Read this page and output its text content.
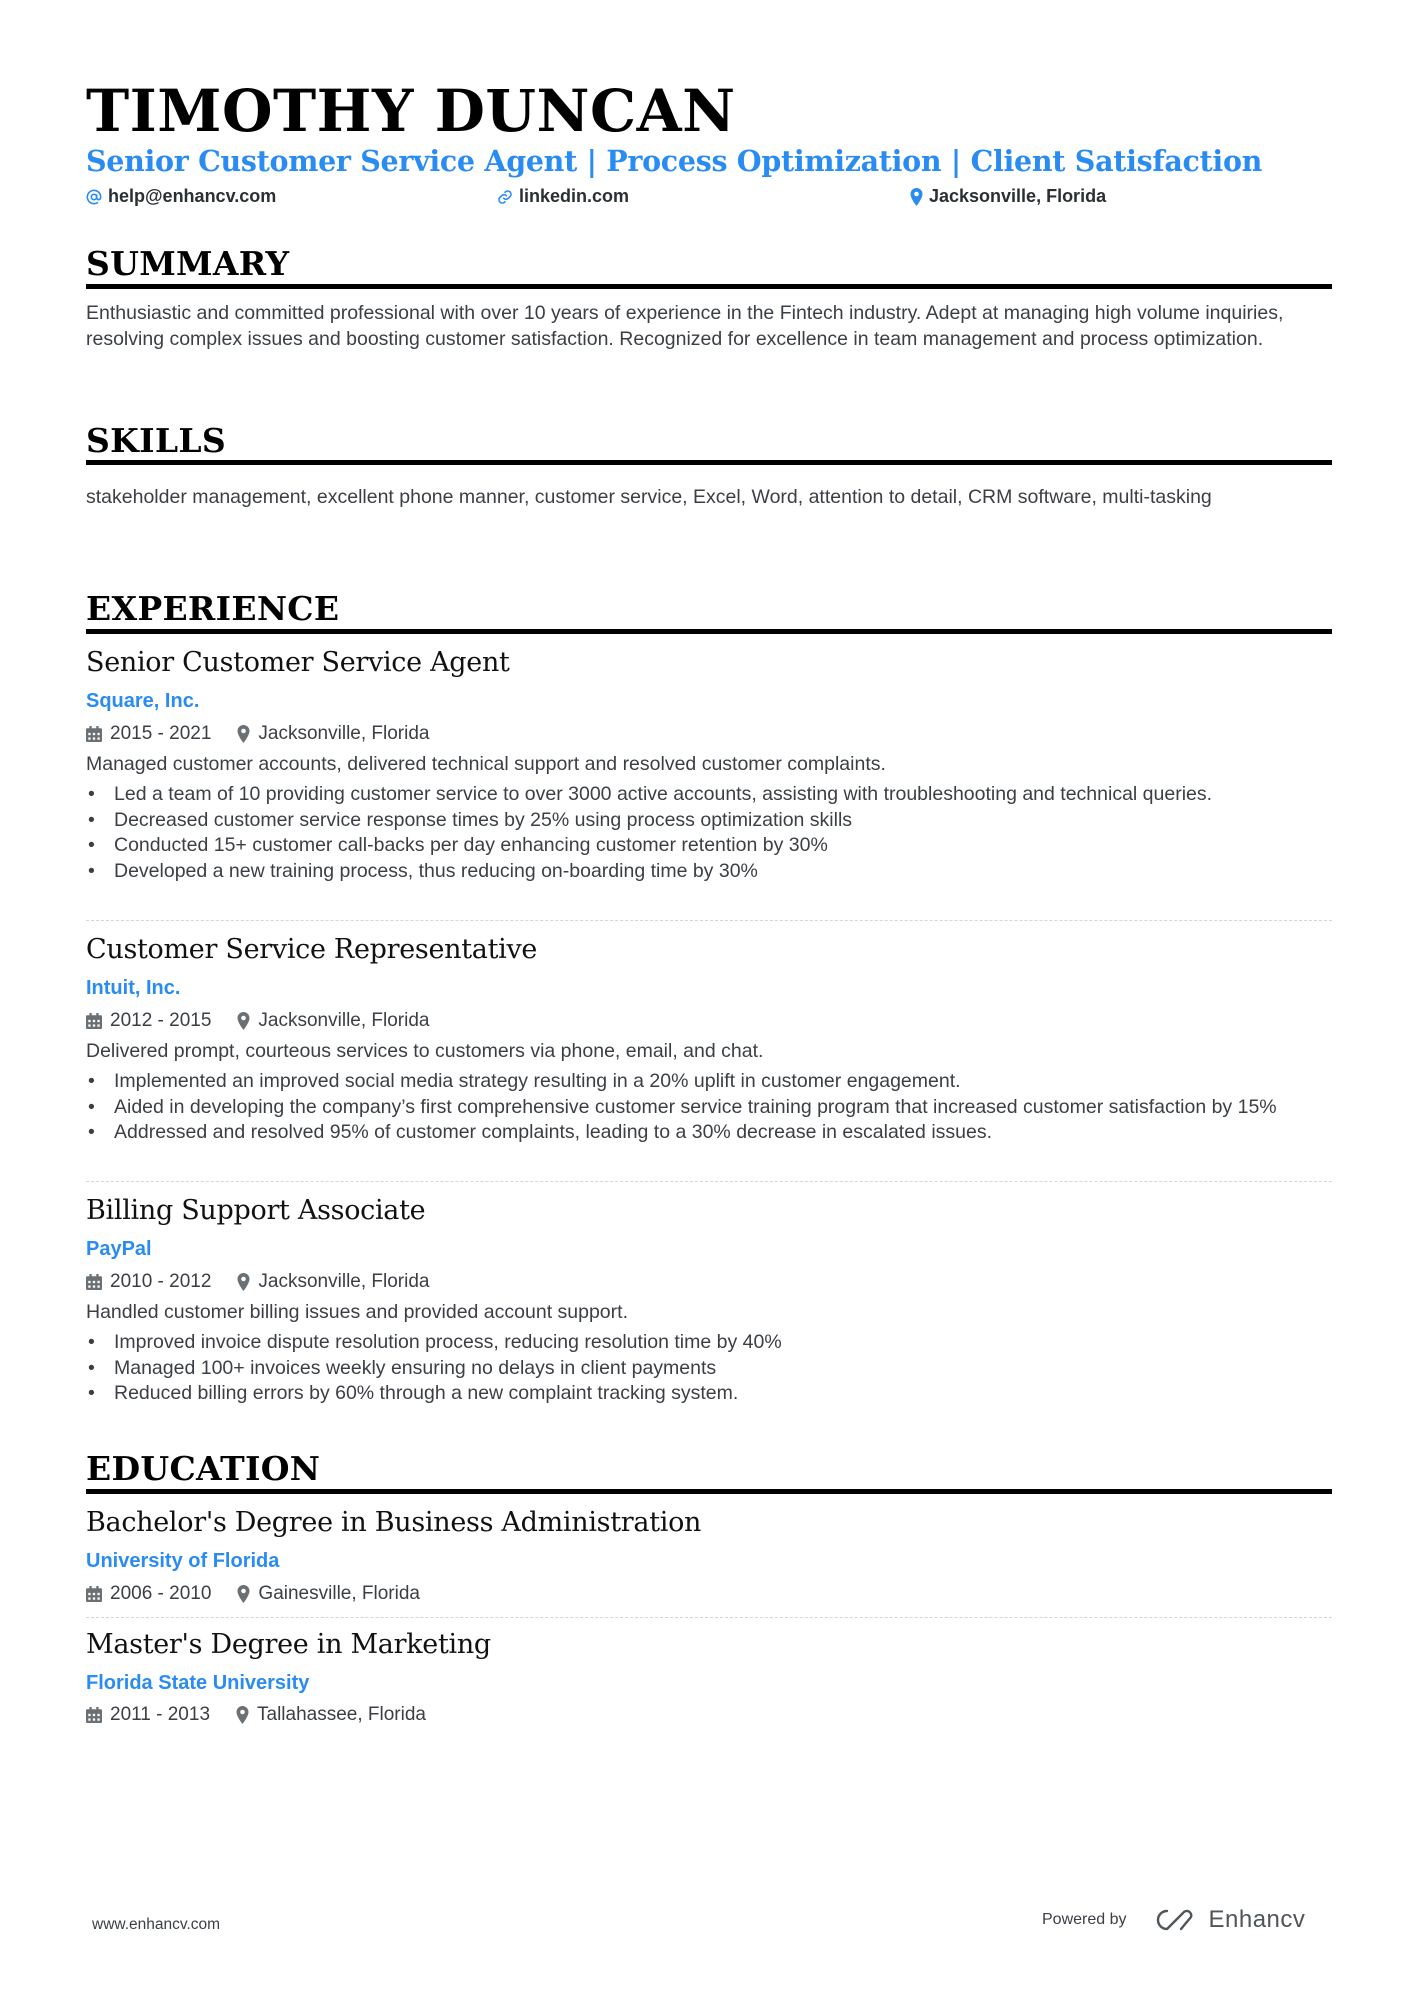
TIMOTHY DUNCAN
Senior Customer Service Agent | Process Optimization | Client Satisfaction
help@enhancv.com	linkedin.com	Jacksonville, Florida
SUMMARY

Enthusiastic and committed professional with over 10 years of experience in the Fintech industry. Adept at managing high volume inquiries, resolving complex issues and boosting customer satisfaction. Recognized for excellence in team management and process optimization.

SKILLS

stakeholder management, excellent phone manner, customer service, Excel, Word, attention to detail, CRM software, multi-tasking

EXPERIENCE
Senior Customer Service Agent
Square, Inc.
2015 - 2021 Jacksonville, Florida

Managed customer accounts, delivered technical support and resolved customer complaints.

• Led a team of 10 providing customer service to over 3000 active accounts, assisting with troubleshooting and technical queries.
• Decreased customer service response times by 25% using process optimization skills
• Conducted 15+ customer call-backs per day enhancing customer retention by 30%
• Developed a new training process, thus reducing on-boarding time by 30%
Customer Service Representative
Intuit, Inc.
2012 - 2015 Jacksonville, Florida

Delivered prompt, courteous services to customers via phone, email, and chat.

• Implemented an improved social media strategy resulting in a 20% uplift in customer engagement.
• Aided in developing the company’s first comprehensive customer service training program that increased customer satisfaction by 15%
• Addressed and resolved 95% of customer complaints, leading to a 30% decrease in escalated issues.
Billing Support Associate
PayPal
2010 - 2012 Jacksonville, Florida

Handled customer billing issues and provided account support.

• Improved invoice dispute resolution process, reducing resolution time by 40%
• Managed 100+ invoices weekly ensuring no delays in client payments
• Reduced billing errors by 60% through a new complaint tracking system.
EDUCATION
Bachelor's Degree in Business Administration
University of Florida
2006 - 2010 Gainesville, Florida
Master's Degree in Marketing
Florida State University
2011 - 2013 Tallahassee, Florida
www.enhancv.com	Powered by	Enhancv
